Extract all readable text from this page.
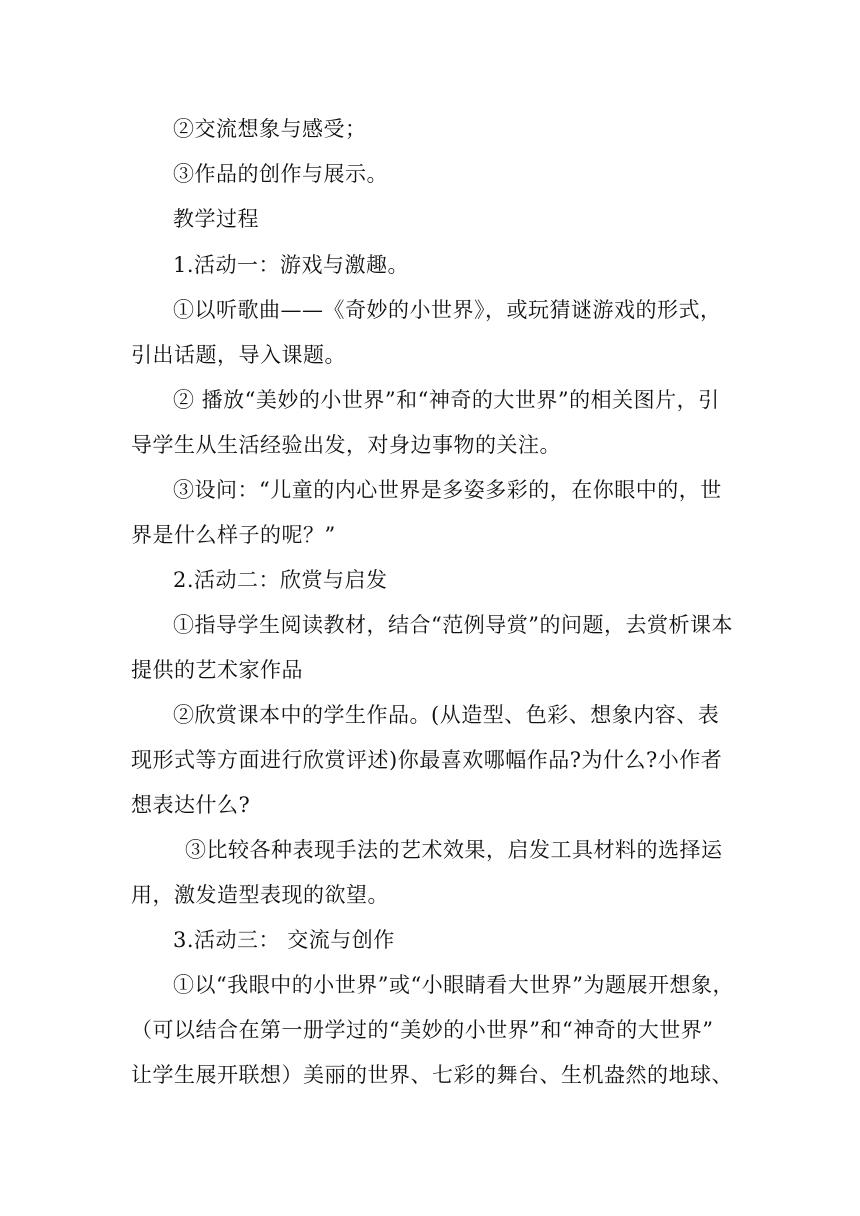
②交流想象与感受；
③作品的创作与展示。
教学过程
1.活动一：游戏与激趣。
①以听歌曲——《奇妙的小世界》，或玩猜谜游戏的形式，
引出话题，导入课题。
② 播放“美妙的小世界”和“神奇的大世界”的相关图片，引
导学生从生活经验出发，对身边事物的关注。
③设问：“儿童的内心世界是多姿多彩的，在你眼中的，世
界是什么样子的呢？”
2.活动二：欣赏与启发
①指导学生阅读教材，结合“范例导赏”的问题，去赏析课本
提供的艺术家作品
②欣赏课本中的学生作品。(从造型、色彩、想象内容、表
现形式等方面进行欣赏评述)你最喜欢哪幅作品?为什么?小作者
想表达什么?
③比较各种表现手法的艺术效果，启发工具材料的选择运
用，激发造型表现的欲望。
3.活动三： 交流与创作
①以“我眼中的小世界”或“小眼睛看大世界”为题展开想象，
（可以结合在第一册学过的“美妙的小世界”和“神奇的大世界”
让学生展开联想）美丽的世界、七彩的舞台、生机盎然的地球、
